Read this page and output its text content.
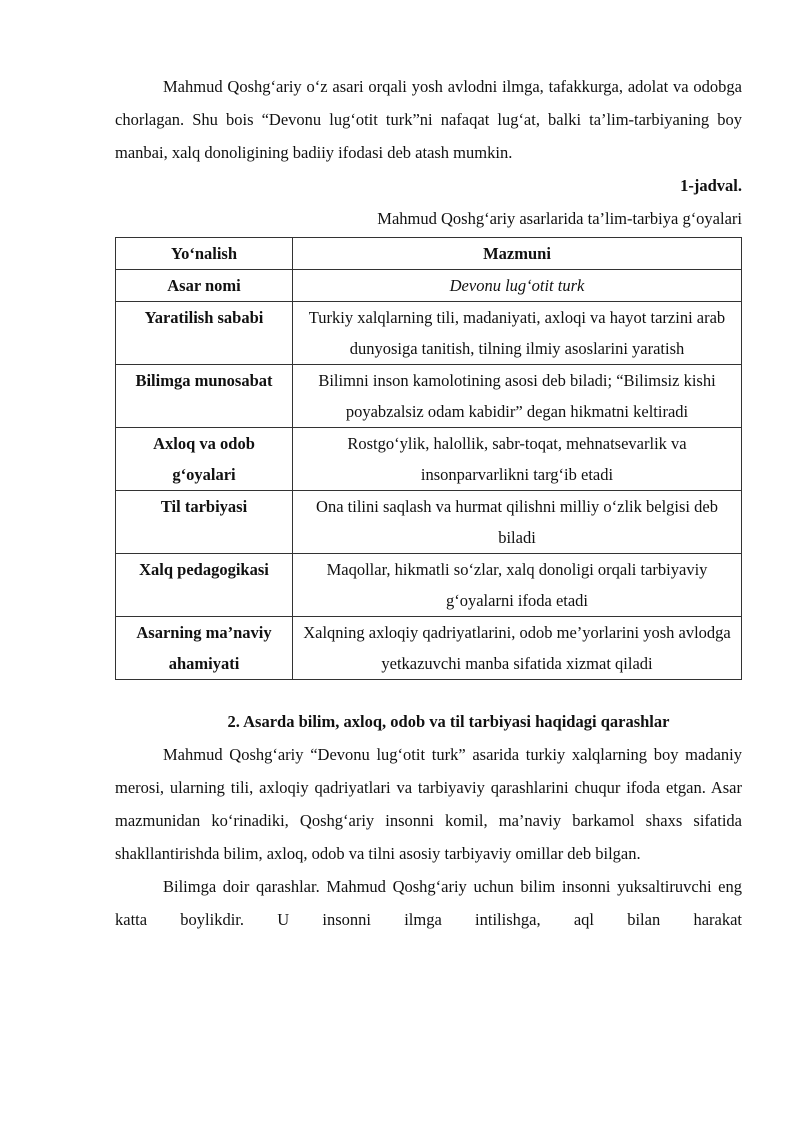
Mahmud Qoshg‘ariy o‘z asari orqali yosh avlodni ilmga, tafakkurga, adolat va odobga chorlagan. Shu bois “Devonu lug‘otit turk”ni nafaqat lug‘at, balki ta’lim-tarbiyaning boy manbai, xalq donoligining badiiy ifodasi deb atash mumkin.

1-jadval.

Mahmud Qoshg‘ariy asarlarida ta’lim-tarbiya g‘oyalari

Yo‘nalish	Mazmuni
Asar nomi	Devonu lug‘otit turk
Yaratilish sababi	Turkiy xalqlarning tili, madaniyati, axloqi va hayot tarzini arab dunyosiga tanitish, tilning ilmiy asoslarini yaratish
Bilimga munosabat	Bilimni inson kamolotining asosi deb biladi; “Bilimsiz kishi poyabzalsiz odam kabidir” degan hikmatni keltiradi
Axloq va odob g‘oyalari	Rostgo‘ylik, halollik, sabr-toqat, mehnatsevarlik va insonparvarlikni targ‘ib etadi
Til tarbiyasi	Ona tilini saqlash va hurmat qilishni milliy o‘zlik belgisi deb biladi
Xalq pedagogikasi	Maqollar, hikmatli so‘zlar, xalq donoligi orqali tarbiyaviy g‘oyalarni ifoda etadi
Asarning ma’naviy ahamiyati	Xalqning axloqiy qadriyatlarini, odob me’yorlarini yosh avlodga yetkazuvchi manba sifatida xizmat qiladi

2. Asarda bilim, axloq, odob va til tarbiyasi haqidagi qarashlar

Mahmud Qoshg‘ariy “Devonu lug‘otit turk” asarida turkiy xalqlarning boy madaniy merosi, ularning tili, axloqiy qadriyatlari va tarbiyaviy qarashlarini chuqur ifoda etgan. Asar mazmunidan ko‘rinadiki, Qoshg‘ariy insonni komil, ma’naviy barkamol shaxs sifatida shakllantirishda bilim, axloq, odob va tilni asosiy tarbiyaviy omillar deb bilgan.

Bilimga doir qarashlar. Mahmud Qoshg‘ariy uchun bilim insonni yuksaltiruvchi eng katta boylikdir. U insonni ilmga intilishga, aql bilan harakat
